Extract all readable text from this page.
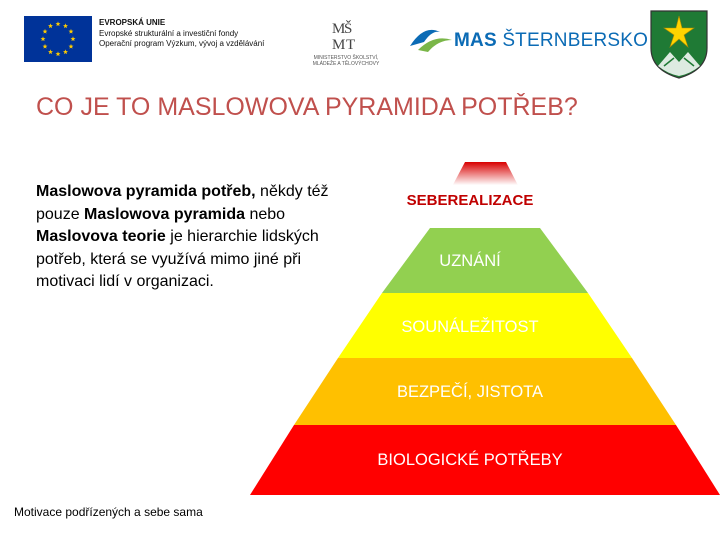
EVROPSKÁ UNIE
Evropské strukturální a investiční fondy
Operační program Výzkum, vývoj a vzdělávání
M
Š
M T
MINISTERSTVO ŠKOLSTVÍ,
MLÁDEŽE A TĚLOVÝCHOVY
MAS ŠTERNBERSKO
CO JE TO MASLOWOVA PYRAMIDA POTŘEB?
Maslowova pyramida potřeb, někdy též pouze Maslowova pyramida nebo Maslovova teorie je hierarchie lidských potřeb, která se využívá mimo jiné při motivaci lidí v organizaci.
SEBEREALIZACE
UZNÁNÍ
SOUNÁLEŽITOST
BEZPEČÍ, JISTOTA
BIOLOGICKÉ POTŘEBY
Motivace podřízených a sebe sama
